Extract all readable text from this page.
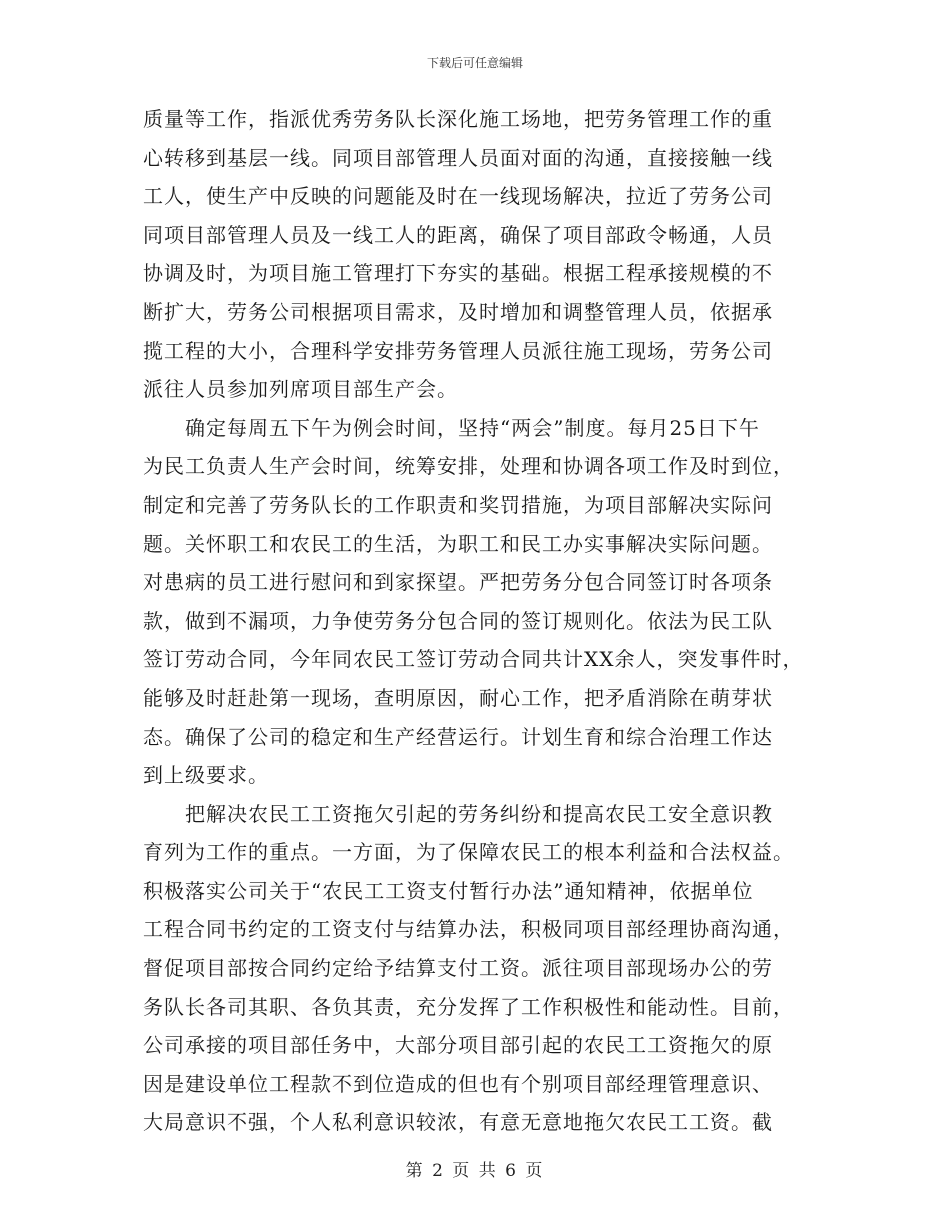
下载后可任意编辑
质量等工作，指派优秀劳务队长深化施工场地，把劳务管理工作的重
心转移到基层一线。同项目部管理人员面对面的沟通，直接接触一线
工人，使生产中反映的问题能及时在一线现场解决，拉近了劳务公司
同项目部管理人员及一线工人的距离，确保了项目部政令畅通，人员
协调及时，为项目施工管理打下夯实的基础。根据工程承接规模的不
断扩大，劳务公司根据项目需求，及时增加和调整管理人员，依据承
揽工程的大小，合理科学安排劳务管理人员派往施工现场，劳务公司
派往人员参加列席项目部生产会。
确定每周五下午为例会时间，坚持“两会”制度。每月25日下午
为民工负责人生产会时间，统筹安排，处理和协调各项工作及时到位，
制定和完善了劳务队长的工作职责和奖罚措施，为项目部解决实际问
题。关怀职工和农民工的生活，为职工和民工办实事解决实际问题。
对患病的员工进行慰问和到家探望。严把劳务分包合同签订时各项条
款，做到不漏项，力争使劳务分包合同的签订规则化。依法为民工队
签订劳动合同，今年同农民工签订劳动合同共计XX余人，突发事件时，
能够及时赶赴第一现场，查明原因，耐心工作，把矛盾消除在萌芽状
态。确保了公司的稳定和生产经营运行。计划生育和综合治理工作达
到上级要求。
把解决农民工工资拖欠引起的劳务纠纷和提高农民工安全意识教
育列为工作的重点。一方面，为了保障农民工的根本利益和合法权益。
积极落实公司关于“农民工工资支付暂行办法”通知精神，依据单位
工程合同书约定的工资支付与结算办法，积极同项目部经理协商沟通，
督促项目部按合同约定给予结算支付工资。派往项目部现场办公的劳
务队长各司其职、各负其责，充分发挥了工作积极性和能动性。目前，
公司承接的项目部任务中，大部分项目部引起的农民工工资拖欠的原
因是建设单位工程款不到位造成的但也有个别项目部经理管理意识、
大局意识不强，个人私利意识较浓，有意无意地拖欠农民工工资。截
第 2 页 共 6 页
